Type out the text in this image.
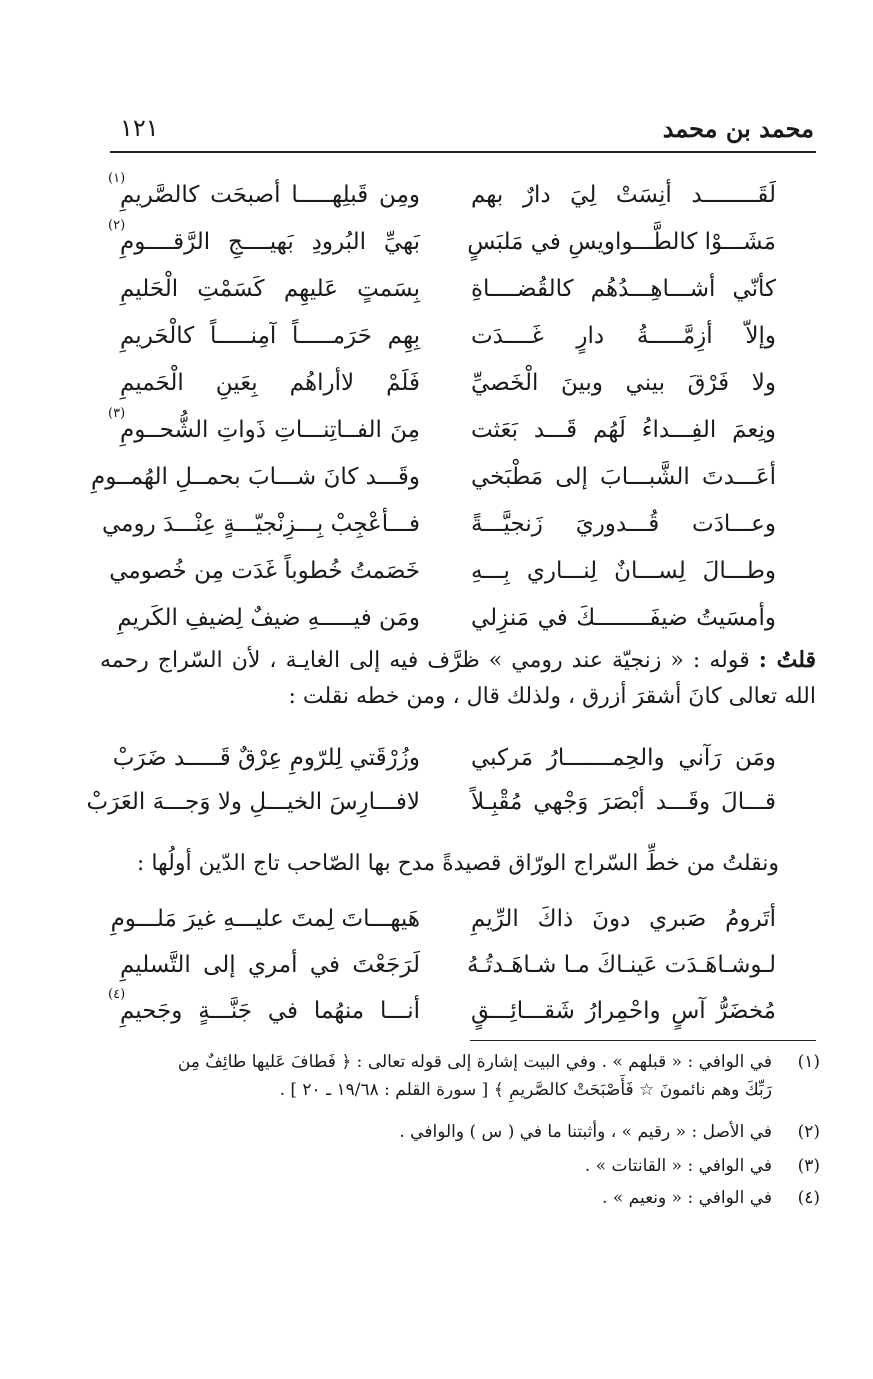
محمد بن محمد
١٢١
لَقَــــــــد أنِسَتْ لِيَ دارٌ بهم
ومِن قَبلِهـــــا أصبحَت كالصَّريمِ
(١)
مَشَـــوْا كالطَّـــواويسِ في مَلبَسٍ
بَهيِّ البُرودِ بَهيــــجِ الرَّقــــومِ
(٢)
كأنّي أشـــاهِـــدُهُم كالقُضــــاةِ
بِسَمتٍ عَليهِم كَسَمْتِ الْحَليمِ
وإلاّ أزِمَّـــــةُ دارٍ غَــــدَت
بِهِم حَرَمـــــاً آمِنـــــاً كالْحَريمِ
ولا فَرْقَ بيني وبينَ الْخَصيِّ
فَلَمْ لاأراهُم بِعَينِ الْحَميمِ
ونِعمَ الفِـــداءُ لَهُم قَـــد بَعَثت
مِنَ الفــاتِنـــاتِ ذَواتِ الشُّحــومِ
(٣)
أعَـــدتَ الشَّبـــابَ إلى مَطْبَخي
وقَـــد كانَ شـــابَ بحمــلِ الهُمــومِ
وعـــادَت قُـــدوريَ زَنجيَّـــةً
فـــأعْجِبْ بِـــزِنْجيّـــةٍ عِنْـــدَ رومي
وطـــالَ لِســـانٌ لِنـــاري بِـــهِ
خَصَمتُ خُطوباً غَدَت مِن خُصومي
وأمسَيتُ ضيفَــــــــكَ في مَنزِلي
ومَن فيـــــهِ ضيفٌ لِضيفِ الكَريمِ
قلتُ : قوله : « زنجيّة عند رومي » ظرَّف فيه إلى الغايـة ، لأن السّراج رحمه الله تعالى كانَ أشقرَ أزرق ، ولذلك قال ، ومن خطه نقلت :
ومَن رَآني والحِمـــــــارُ مَركبي
وزُرْقَتي لِلرّومِ عِرْقٌ قَـــــد ضَرَبْ
قـــالَ وقَـــد أبْصَرَ وَجْهي مُقْبِـلاً
لافـــارِسَ الخيـــلِ ولا وَجـــهَ العَرَبْ
ونقلتُ من خطِّ السّراج الورّاق قصيدةً مدح بها الصّاحب تاج الدّين أولُها :
أتَرومُ صَبري دونَ ذاكَ الرِّيمِ
هَيهـــاتَ لِمتَ عليـــهِ غيرَ مَلـــومِ
لـوشـاهَـدَت عَينـاكَ مـا شـاهَـدتُـهُ
لَرَجَعْتَ في أمري إلى التَّسليمِ
مُخضَرُّ آسٍ واحْمِرارُ شَقـــائِـــقٍ
أنـــا منهُما في جَنَّـــةٍ وجَحيمِ
(٤)
(١)
في الوافي : « قبلهم » . وفي البيت إشارة إلى قوله تعالى : ﴿ فَطافَ عَليها طائِفٌ مِن رَبِّكَ وهم نائمونَ ☆ فَأَصْبَحَتْ كالصَّريمِ ﴾ [ سورة القلم : ١٩/٦٨ ـ ٢٠ ] .
(٢)
في الأصل : « رقيم » ، وأثبتنا ما في ( س ) والوافي .
(٣)
في الوافي : « القانتات » .
(٤)
في الوافي : « ونعيم » .
